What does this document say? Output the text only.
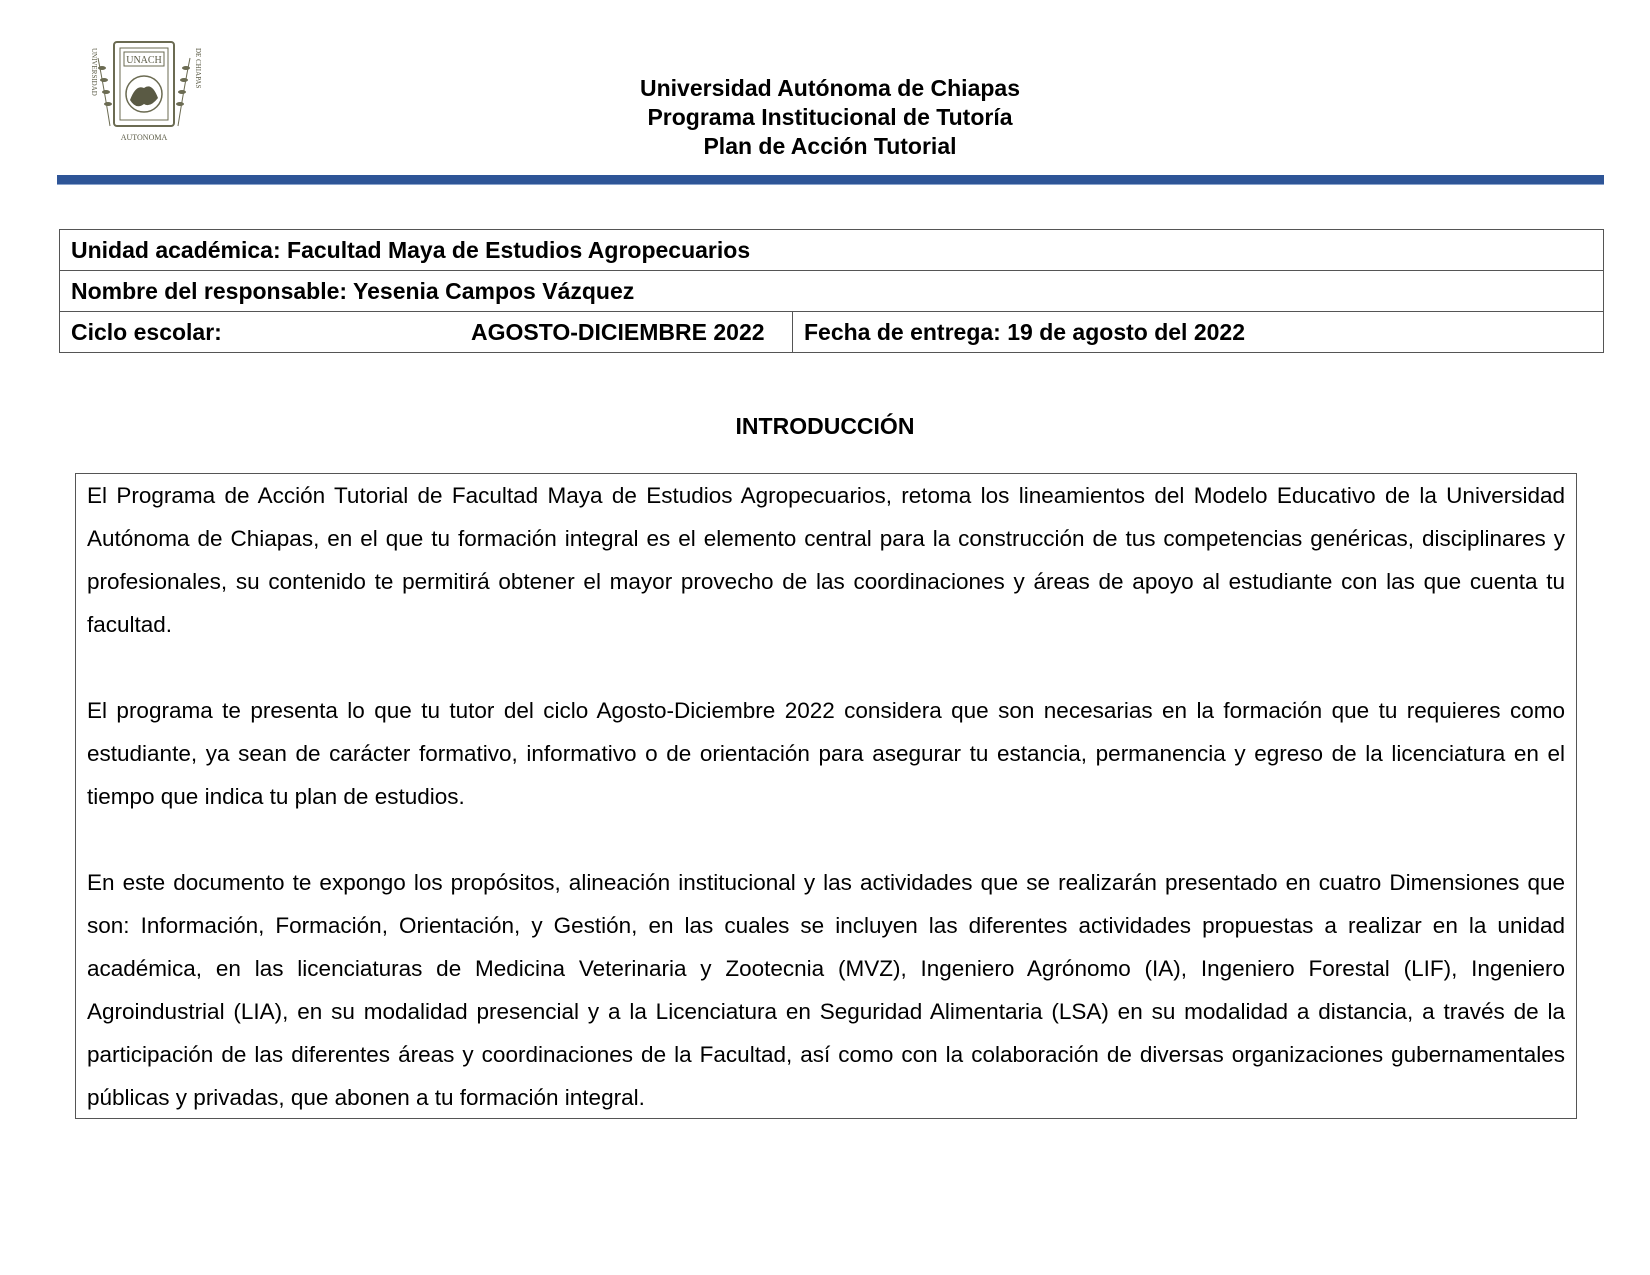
UNACH
UNIVERSIDAD	DE CHIAPAS
AUTONOMA
Universidad Autónoma de Chiapas
Programa Institucional de Tutoría
Plan de Acción Tutorial
Unidad académica: Facultad Maya de Estudios Agropecuarios
Nombre del responsable: Yesenia Campos Vázquez
Ciclo escolar:	AGOSTO-DICIEMBRE 2022	Fecha de entrega: 19 de agosto del 2022
INTRODUCCIÓN

El Programa de Acción Tutorial de Facultad Maya de Estudios Agropecuarios, retoma los lineamientos del Modelo Educativo de la Universidad Autónoma de Chiapas, en el que tu formación integral es el elemento central para la construcción de tus competencias genéricas, disciplinares y profesionales, su contenido te permitirá obtener el mayor provecho de las coordinaciones y áreas de apoyo al estudiante con las que cuenta tu facultad.

El programa te presenta lo que tu tutor del ciclo Agosto-Diciembre 2022 considera que son necesarias en la formación que tu requieres como estudiante, ya sean de carácter formativo, informativo o de orientación para asegurar tu estancia, permanencia y egreso de la licenciatura en el tiempo que indica tu plan de estudios.

En este documento te expongo los propósitos, alineación institucional y las actividades que se realizarán presentado en cuatro Dimensiones que son: Información, Formación, Orientación, y Gestión, en las cuales se incluyen las diferentes actividades propuestas a realizar en la unidad académica, en las licenciaturas de Medicina Veterinaria y Zootecnia (MVZ), Ingeniero Agrónomo (IA), Ingeniero Forestal (LIF), Ingeniero Agroindustrial (LIA), en su modalidad presencial y a la Licenciatura en Seguridad Alimentaria (LSA) en su modalidad a distancia, a través de la participación de las diferentes áreas y coordinaciones de la Facultad, así como con la colaboración de diversas organizaciones gubernamentales públicas y privadas, que abonen a tu formación integral.
